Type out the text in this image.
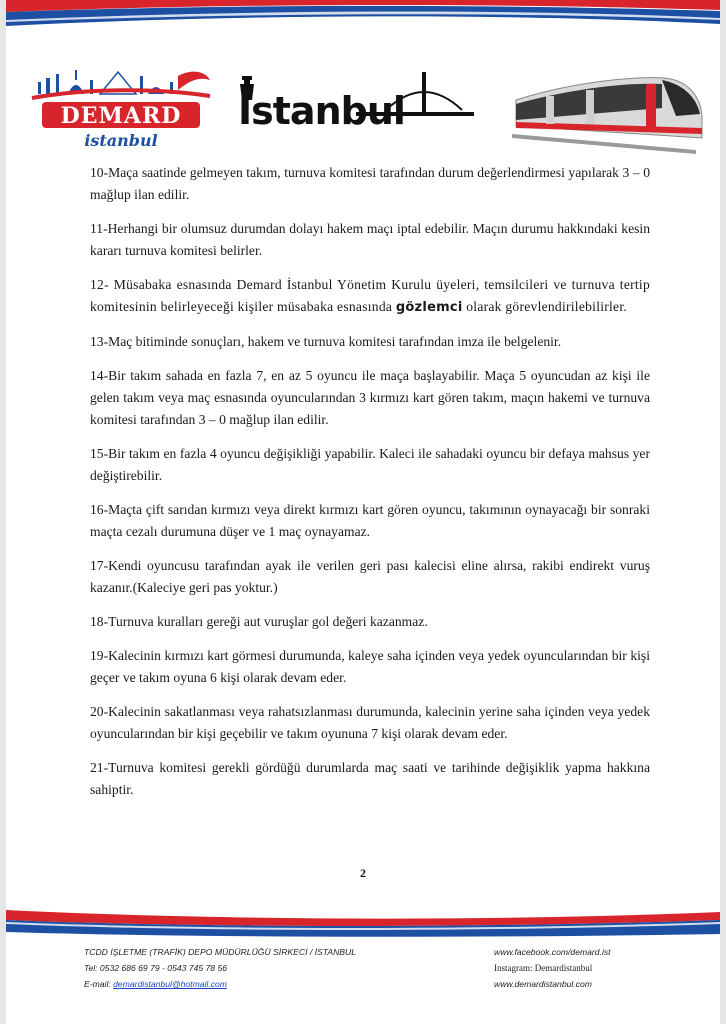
DEMARD
istanbul
İstanbul

10-Maça saatinde gelmeyen takım, turnuva komitesi tarafından durum değerlendirmesi yapılarak 3 – 0 mağlup ilan edilir.

11-Herhangi bir olumsuz durumdan dolayı hakem maçı iptal edebilir. Maçın durumu hakkındaki kesin kararı turnuva komitesi belirler.

12- Müsabaka esnasında Demard İstanbul Yönetim Kurulu üyeleri, temsilcileri ve turnuva tertip komitesinin belirleyeceği kişiler müsabaka esnasında gözlemci olarak görevlendirilebilirler.

13-Maç bitiminde sonuçları, hakem ve turnuva komitesi tarafından imza ile belgelenir.

14-Bir takım sahada en fazla 7, en az 5 oyuncu ile maça başlayabilir. Maça 5 oyuncudan az kişi ile gelen takım veya maç esnasında oyuncularından 3 kırmızı kart gören takım, maçın hakemi ve turnuva komitesi tarafından 3 – 0 mağlup ilan edilir.

15-Bir takım en fazla 4 oyuncu değişikliği yapabilir. Kaleci ile sahadaki oyuncu bir defaya mahsus yer değiştirebilir.

16-Maçta çift sarıdan kırmızı veya direkt kırmızı kart gören oyuncu, takımının oynayacağı bir sonraki maçta cezalı durumuna düşer ve 1 maç oynayamaz.

17-Kendi oyuncusu tarafından ayak ile verilen geri pası kalecisi eline alırsa, rakibi endirekt vuruş kazanır.(Kaleciye geri pas yoktur.)

18-Turnuva kuralları gereği aut vuruşlar gol değeri kazanmaz.

19-Kalecinin kırmızı kart görmesi durumunda, kaleye saha içinden veya yedek oyuncularından bir kişi geçer ve takım oyuna 6 kişi olarak devam eder.

20-Kalecinin sakatlanması veya rahatsızlanması durumunda, kalecinin yerine saha içinden veya yedek oyuncularından bir kişi geçebilir ve takım oyununa 7 kişi olarak devam eder.

21-Turnuva komitesi gerekli gördüğü durumlarda maç saati ve tarihinde değişiklik yapma hakkına sahiptir.

2
TCDD İŞLETME (TRAFİK) DEPO MÜDÜRLÜĞÜ SİRKECİ / İSTANBUL
Tel: 0532 686 69 79 - 0543 745 78 56
E-mail: demardistanbul@hotmail.com
www.facebook.com/demard.ist
Instagram: Demardistanbul
www.demardistanbul.com
